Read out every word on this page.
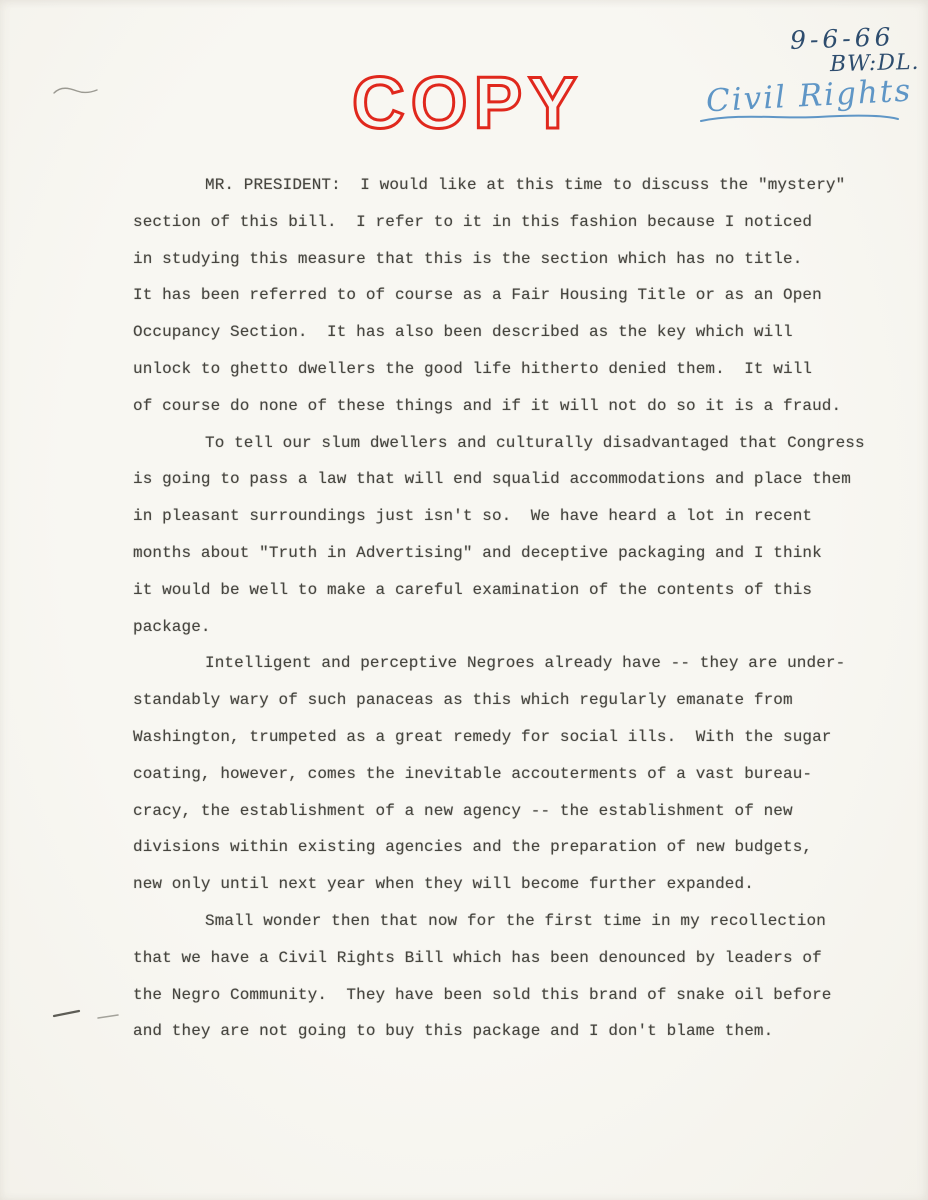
COPY
9-6-66
BW:DL.
Civil Rights
MR. PRESIDENT:  I would like at this time to discuss the "mystery"
section of this bill.  I refer to it in this fashion because I noticed
in studying this measure that this is the section which has no title.
It has been referred to of course as a Fair Housing Title or as an Open
Occupancy Section.  It has also been described as the key which will
unlock to ghetto dwellers the good life hitherto denied them.  It will
of course do none of these things and if it will not do so it is a fraud.
To tell our slum dwellers and culturally disadvantaged that Congress
is going to pass a law that will end squalid accommodations and place them
in pleasant surroundings just isn't so.  We have heard a lot in recent
months about "Truth in Advertising" and deceptive packaging and I think
it would be well to make a careful examination of the contents of this
package.
Intelligent and perceptive Negroes already have -- they are under-
standably wary of such panaceas as this which regularly emanate from
Washington, trumpeted as a great remedy for social ills.  With the sugar
coating, however, comes the inevitable accouterments of a vast bureau-
cracy, the establishment of a new agency -- the establishment of new
divisions within existing agencies and the preparation of new budgets,
new only until next year when they will become further expanded.
Small wonder then that now for the first time in my recollection
that we have a Civil Rights Bill which has been denounced by leaders of
the Negro Community.  They have been sold this brand of snake oil before
and they are not going to buy this package and I don't blame them.
